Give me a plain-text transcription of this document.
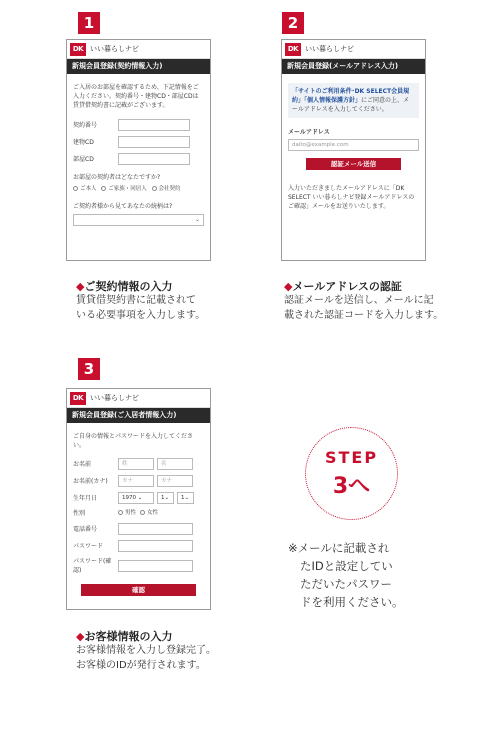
1
DK いい暮らしナビ
新規会員登録(契約情報入力)
ご入居のお部屋を確認するため、下記情報をご入力ください。契約番号・建物CD・部屋CDは賃貸借契約書に記載がございます。
契約番号
建物CD
部屋CD
お部屋の契約者はどなたですか?
ご本人 ご家族・同居人 会社契約
ご契約者様から見てあなたの続柄は?
⌄
◆ご契約情報の入力
賃貸借契約書に記載されて
いる必要事項を入力します。
2
DK いい暮らしナビ
新規会員登録(メールアドレス入力)
「サイトのご利用条件･DK SELECT会員規約」「個人情報保護方針」にご同意の上、メールアドレスを入力してください。
メールアドレス
daito@example.com
認証メール送信
入力いただきましたメールアドレスに「DK SELECT いい暮らしナビ登録メールアドレスのご確認」メールをお送りいたします。
◆メールアドレスの認証
認証メールを送信し、メールに記
載された認証コードを入力します。
3
DK いい暮らしナビ
新規会員登録(ご入居者情報入力)
ご自身の情報とパスワードを入力してください。
お名前	姓	名
お名前(カナ)	カナ	カナ
生年月日	1970 ⌄	1⌄	1⌄
性別	男性	女性
電話番号
パスワード
パスワード(確認)
確認
◆お客様情報の入力
お客様情報を入力し登録完了。
お客様のIDが発行されます。
STEP
3へ
※メールに記載され
たIDと設定してい
ただいたパスワー
ドを利用ください。
